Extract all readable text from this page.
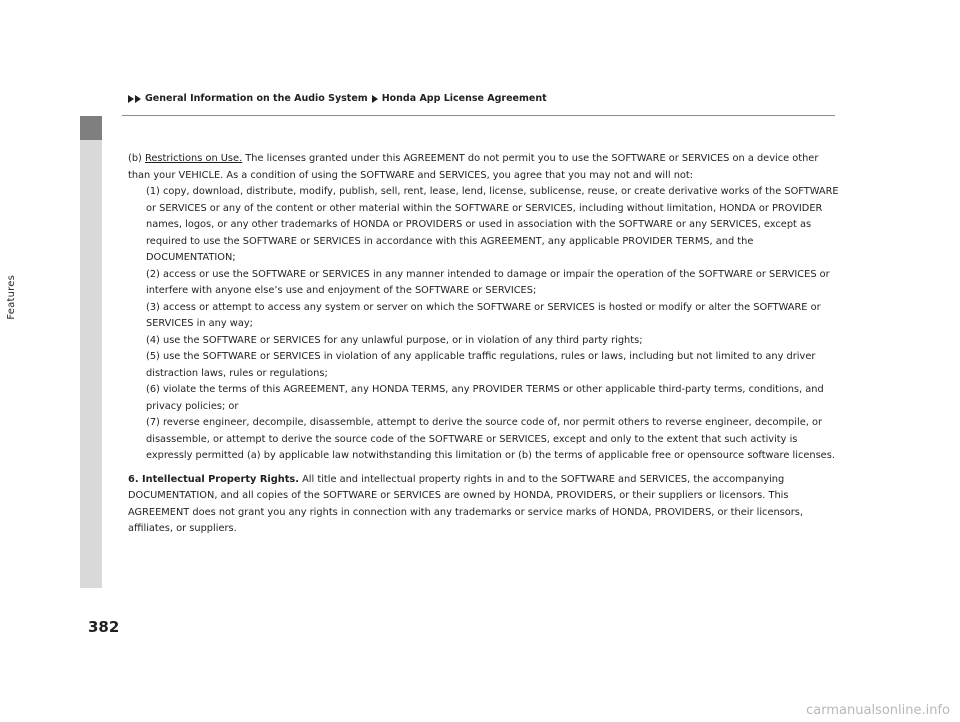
Features
General Information on the Audio System Honda App License Agreement

(b) Restrictions on Use. The licenses granted under this AGREEMENT do not permit you to use the SOFTWARE or SERVICES on a device other than your VEHICLE. As a condition of using the SOFTWARE and SERVICES, you agree that you may not and will not:

(1) copy, download, distribute, modify, publish, sell, rent, lease, lend, license, sublicense, reuse, or create derivative works of the SOFTWARE or SERVICES or any of the content or other material within the SOFTWARE or SERVICES, including without limitation, HONDA or PROVIDER names, logos, or any other trademarks of HONDA or PROVIDERS or used in association with the SOFTWARE or any SERVICES, except as required to use the SOFTWARE or SERVICES in accordance with this AGREEMENT, any applicable PROVIDER TERMS, and the DOCUMENTATION;

(2) access or use the SOFTWARE or SERVICES in any manner intended to damage or impair the operation of the SOFTWARE or SERVICES or interfere with anyone else’s use and enjoyment of the SOFTWARE or SERVICES;

(3) access or attempt to access any system or server on which the SOFTWARE or SERVICES is hosted or modify or alter the SOFTWARE or SERVICES in any way;

(4) use the SOFTWARE or SERVICES for any unlawful purpose, or in violation of any third party rights;

(5) use the SOFTWARE or SERVICES in violation of any applicable traffic regulations, rules or laws, including but not limited to any driver distraction laws, rules or regulations;

(6) violate the terms of this AGREEMENT, any HONDA TERMS, any PROVIDER TERMS or other applicable third-party terms, conditions, and privacy policies; or

(7) reverse engineer, decompile, disassemble, attempt to derive the source code of, nor permit others to reverse engineer, decompile, or disassemble, or attempt to derive the source code of the SOFTWARE or SERVICES, except and only to the extent that such activity is expressly permitted (a) by applicable law notwithstanding this limitation or (b) the terms of applicable free or opensource software licenses.

6. Intellectual Property Rights. All title and intellectual property rights in and to the SOFTWARE and SERVICES, the accompanying DOCUMENTATION, and all copies of the SOFTWARE or SERVICES are owned by HONDA, PROVIDERS, or their suppliers or licensors. This AGREEMENT does not grant you any rights in connection with any trademarks or service marks of HONDA, PROVIDERS, or their licensors, affiliates, or suppliers.

382
carmanualsonline.info
